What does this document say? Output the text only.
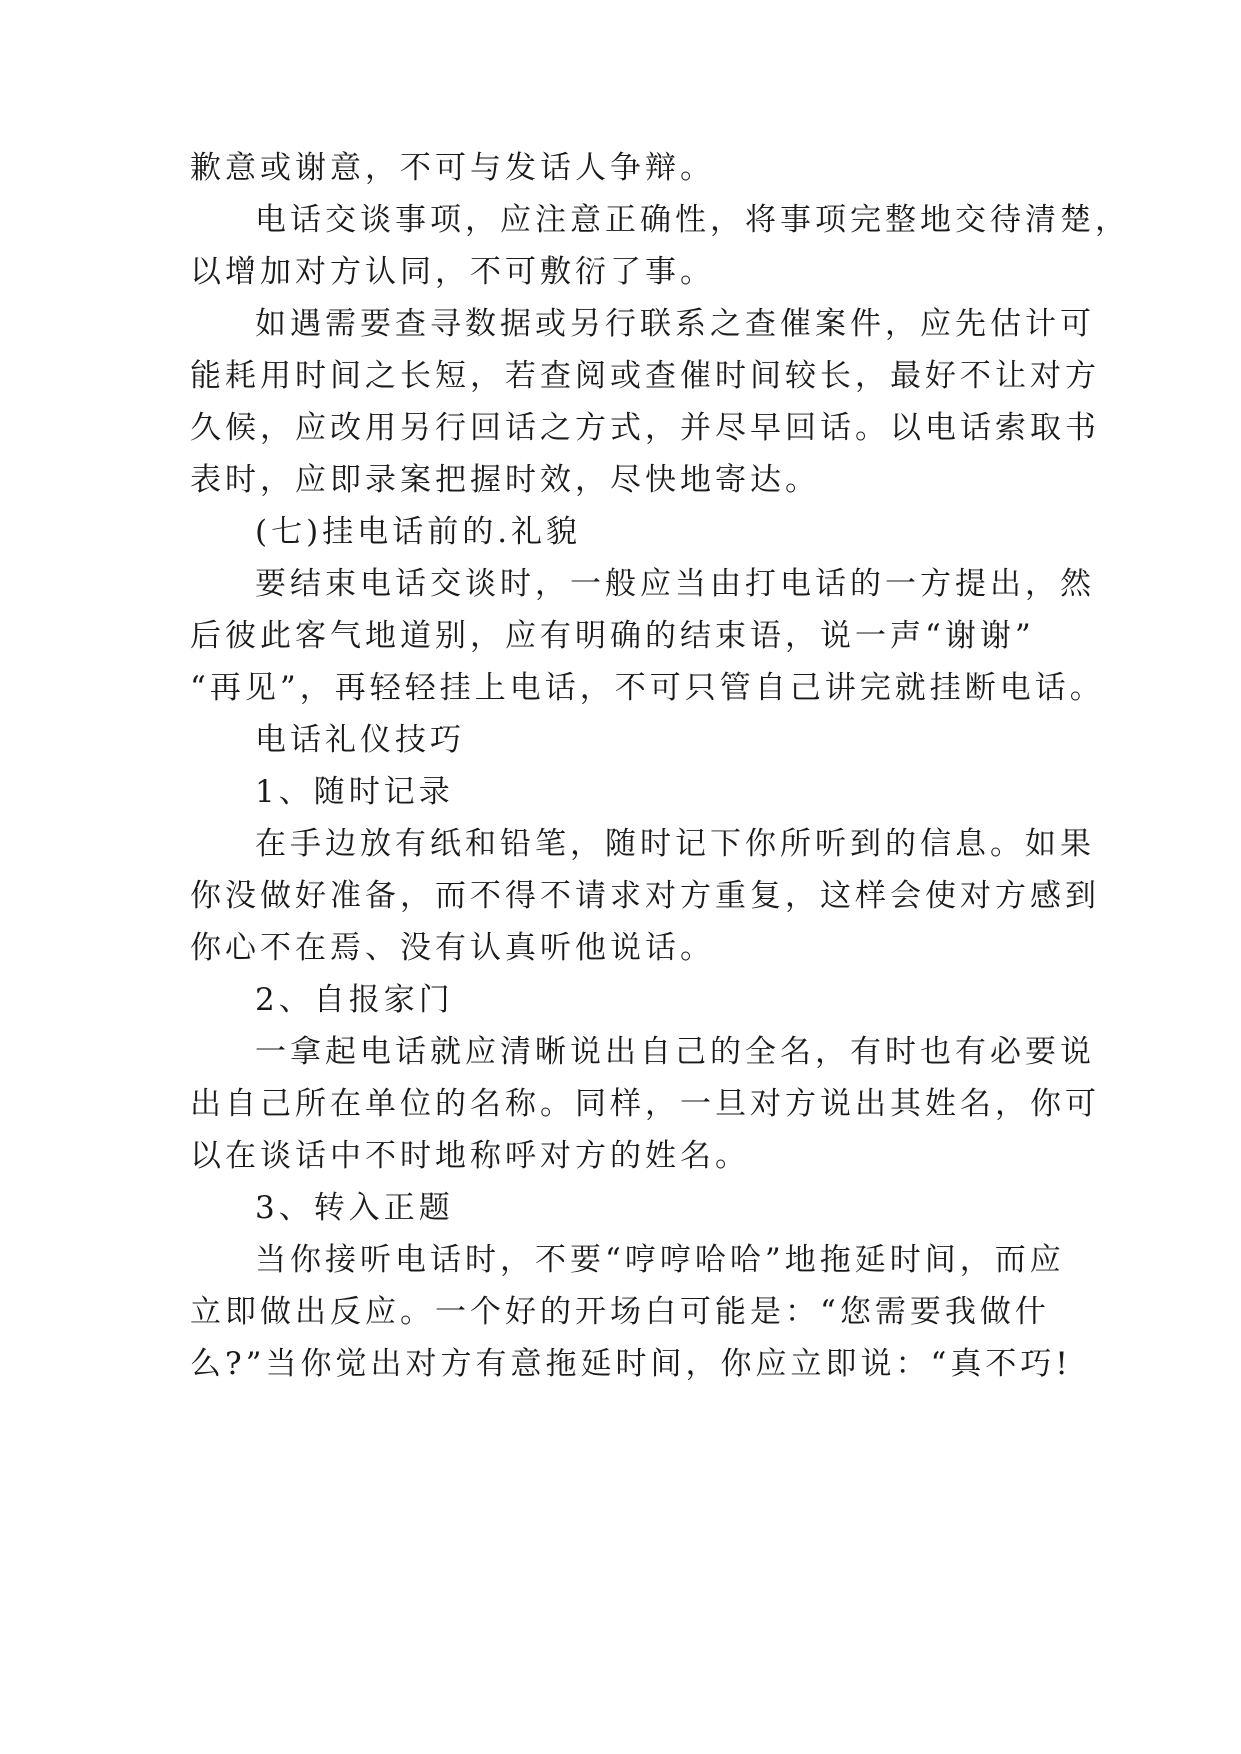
歉意或谢意，不可与发话人争辩。
电话交谈事项，应注意正确性，将事项完整地交待清楚，
以增加对方认同，不可敷衍了事。
如遇需要查寻数据或另行联系之查催案件，应先估计可
能耗用时间之长短，若查阅或查催时间较长，最好不让对方
久候，应改用另行回话之方式，并尽早回话。以电话索取书
表时，应即录案把握时效，尽快地寄达。
(七)挂电话前的.礼貌
要结束电话交谈时，一般应当由打电话的一方提出，然
后彼此客气地道别，应有明确的结束语，说一声“谢谢”
“再见”，再轻轻挂上电话，不可只管自己讲完就挂断电话。
电话礼仪技巧
1、随时记录
在手边放有纸和铅笔，随时记下你所听到的信息。如果
你没做好准备，而不得不请求对方重复，这样会使对方感到
你心不在焉、没有认真听他说话。
2、自报家门
一拿起电话就应清晰说出自己的全名，有时也有必要说
出自己所在单位的名称。同样，一旦对方说出其姓名，你可
以在谈话中不时地称呼对方的姓名。
3、转入正题
当你接听电话时，不要“哼哼哈哈”地拖延时间，而应
立即做出反应。一个好的开场白可能是：“您需要我做什
么?”当你觉出对方有意拖延时间，你应立即说：“真不巧!
